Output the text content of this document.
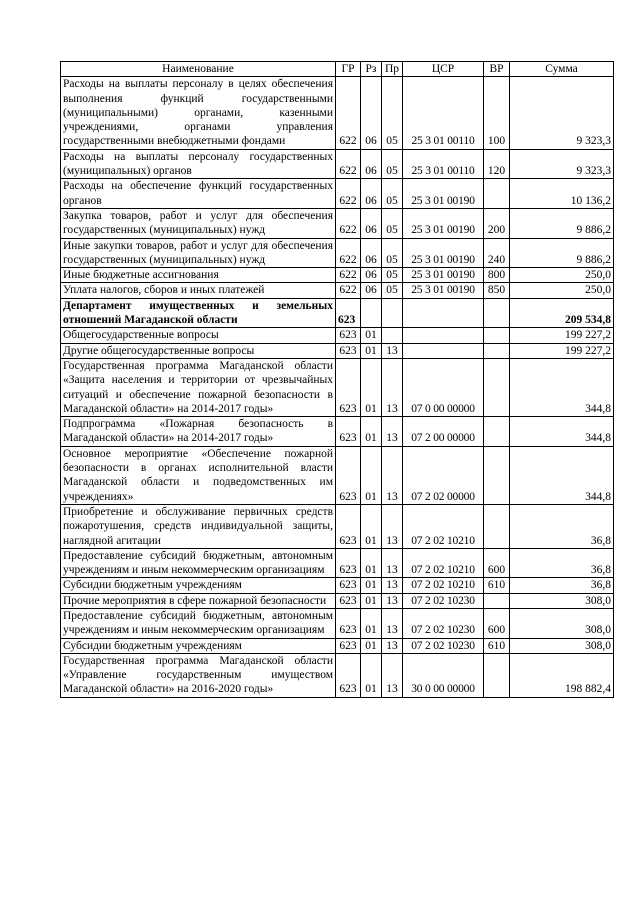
Наименование	ГР	Рз	Пр	ЦСР	ВР	Сумма
Расходы на выплаты персоналу в целях обеспечения выполнения функций государственными (муниципальными) органами, казенными учреждениями, органами управления государственными внебюджетными фондами	622	06	05	25 3 01 00110	100	9 323,3
Расходы на выплаты персоналу государственных (муниципальных) органов	622	06	05	25 3 01 00110	120	9 323,3
Расходы на обеспечение функций государственных органов	622	06	05	25 3 01 00190		10 136,2
Закупка товаров, работ и услуг для обеспечения государственных (муниципальных) нужд	622	06	05	25 3 01 00190	200	9 886,2
Иные закупки товаров, работ и услуг для обеспечения государственных (муниципальных) нужд	622	06	05	25 3 01 00190	240	9 886,2
Иные бюджетные ассигнования	622	06	05	25 3 01 00190	800	250,0
Уплата налогов, сборов и иных платежей	622	06	05	25 3 01 00190	850	250,0
Департамент имущественных и земельных отношений Магаданской области	623					209 534,8
Общегосударственные вопросы	623	01				199 227,2
Другие общегосударственные вопросы	623	01	13			199 227,2
Государственная программа Магаданской области «Защита населения и территории от чрезвычайных ситуаций и обеспечение пожарной безопасности в Магаданской области» на 2014-2017 годы»	623	01	13	07 0 00 00000		344,8
Подпрограмма «Пожарная безопасность в Магаданской области» на 2014-2017 годы»	623	01	13	07 2 00 00000		344,8
Основное мероприятие «Обеспечение пожарной безопасности в органах исполнительной власти Магаданской области и подведомственных им учреждениях»	623	01	13	07 2 02 00000		344,8
Приобретение и обслуживание первичных средств пожаротушения, средств индивидуальной защиты, наглядной агитации	623	01	13	07 2 02 10210		36,8
Предоставление субсидий бюджетным, автономным учреждениям и иным некоммерческим организациям	623	01	13	07 2 02 10210	600	36,8
Субсидии бюджетным учреждениям	623	01	13	07 2 02 10210	610	36,8
Прочие мероприятия в сфере пожарной безопасности	623	01	13	07 2 02 10230		308,0
Предоставление субсидий бюджетным, автономным учреждениям и иным некоммерческим организациям	623	01	13	07 2 02 10230	600	308,0
Субсидии бюджетным учреждениям	623	01	13	07 2 02 10230	610	308,0
Государственная программа Магаданской области «Управление государственным имуществом Магаданской области» на 2016-2020 годы»	623	01	13	30 0 00 00000		198 882,4
